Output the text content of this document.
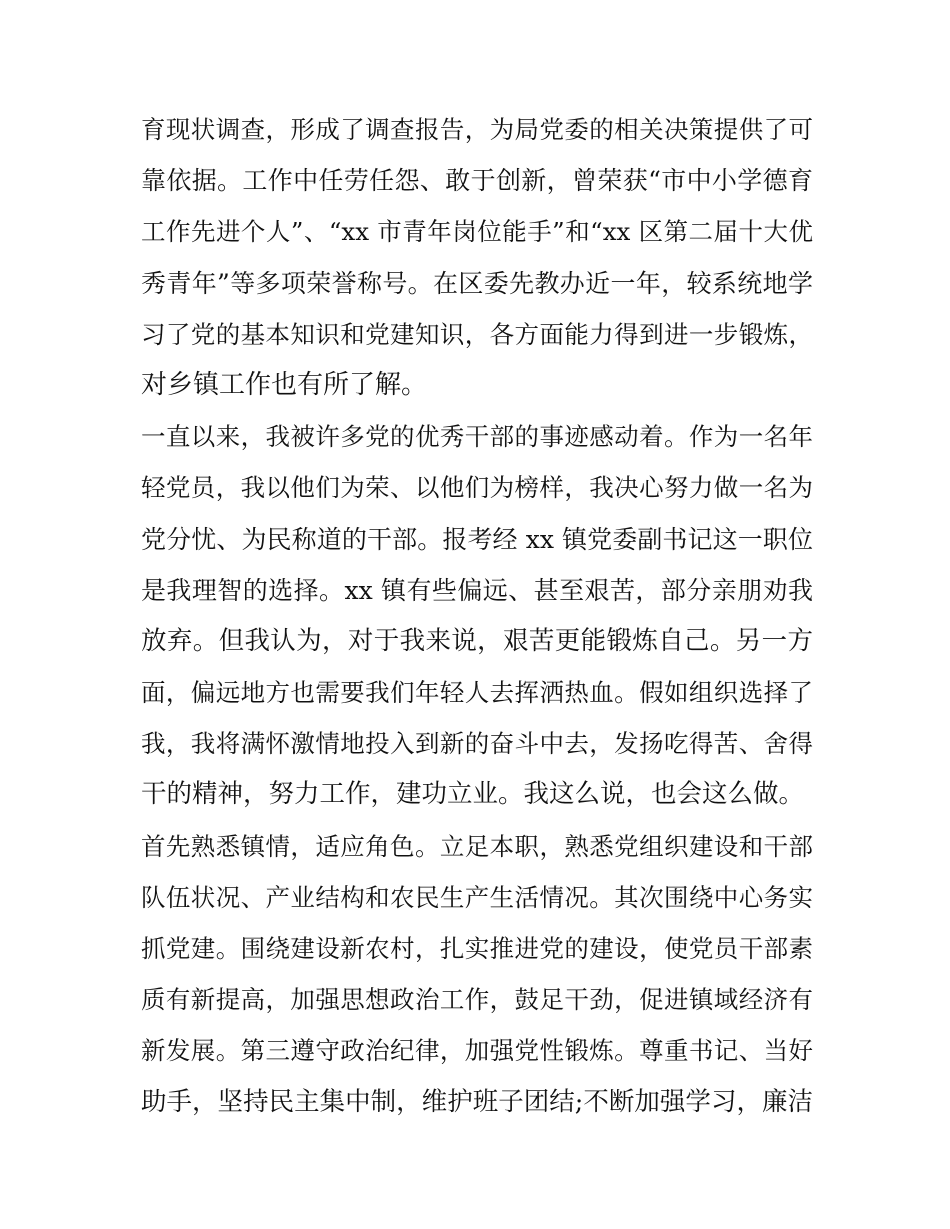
育现状调查，形成了调查报告，为局党委的相关决策提供了可
靠依据。工作中任劳任怨、敢于创新，曾荣获“市中小学德育
工作先进个人”、“xx 市青年岗位能手”和“xx 区第二届十大优
秀青年”等多项荣誉称号。在区委先教办近一年，较系统地学
习了党的基本知识和党建知识，各方面能力得到进一步锻炼，
对乡镇工作也有所了解。
一直以来，我被许多党的优秀干部的事迹感动着。作为一名年
轻党员，我以他们为荣、以他们为榜样，我决心努力做一名为
党分忧、为民称道的干部。报考经 xx 镇党委副书记这一职位
是我理智的选择。xx 镇有些偏远、甚至艰苦，部分亲朋劝我
放弃。但我认为，对于我来说，艰苦更能锻炼自己。另一方
面，偏远地方也需要我们年轻人去挥洒热血。假如组织选择了
我，我将满怀激情地投入到新的奋斗中去，发扬吃得苦、舍得
干的精神，努力工作，建功立业。我这么说，也会这么做。
首先熟悉镇情，适应角色。立足本职，熟悉党组织建设和干部
队伍状况、产业结构和农民生产生活情况。其次围绕中心务实
抓党建。围绕建设新农村，扎实推进党的建设，使党员干部素
质有新提高，加强思想政治工作，鼓足干劲，促进镇域经济有
新发展。第三遵守政治纪律，加强党性锻炼。尊重书记、当好
助手，坚持民主集中制，维护班子团结;不断加强学习，廉洁
